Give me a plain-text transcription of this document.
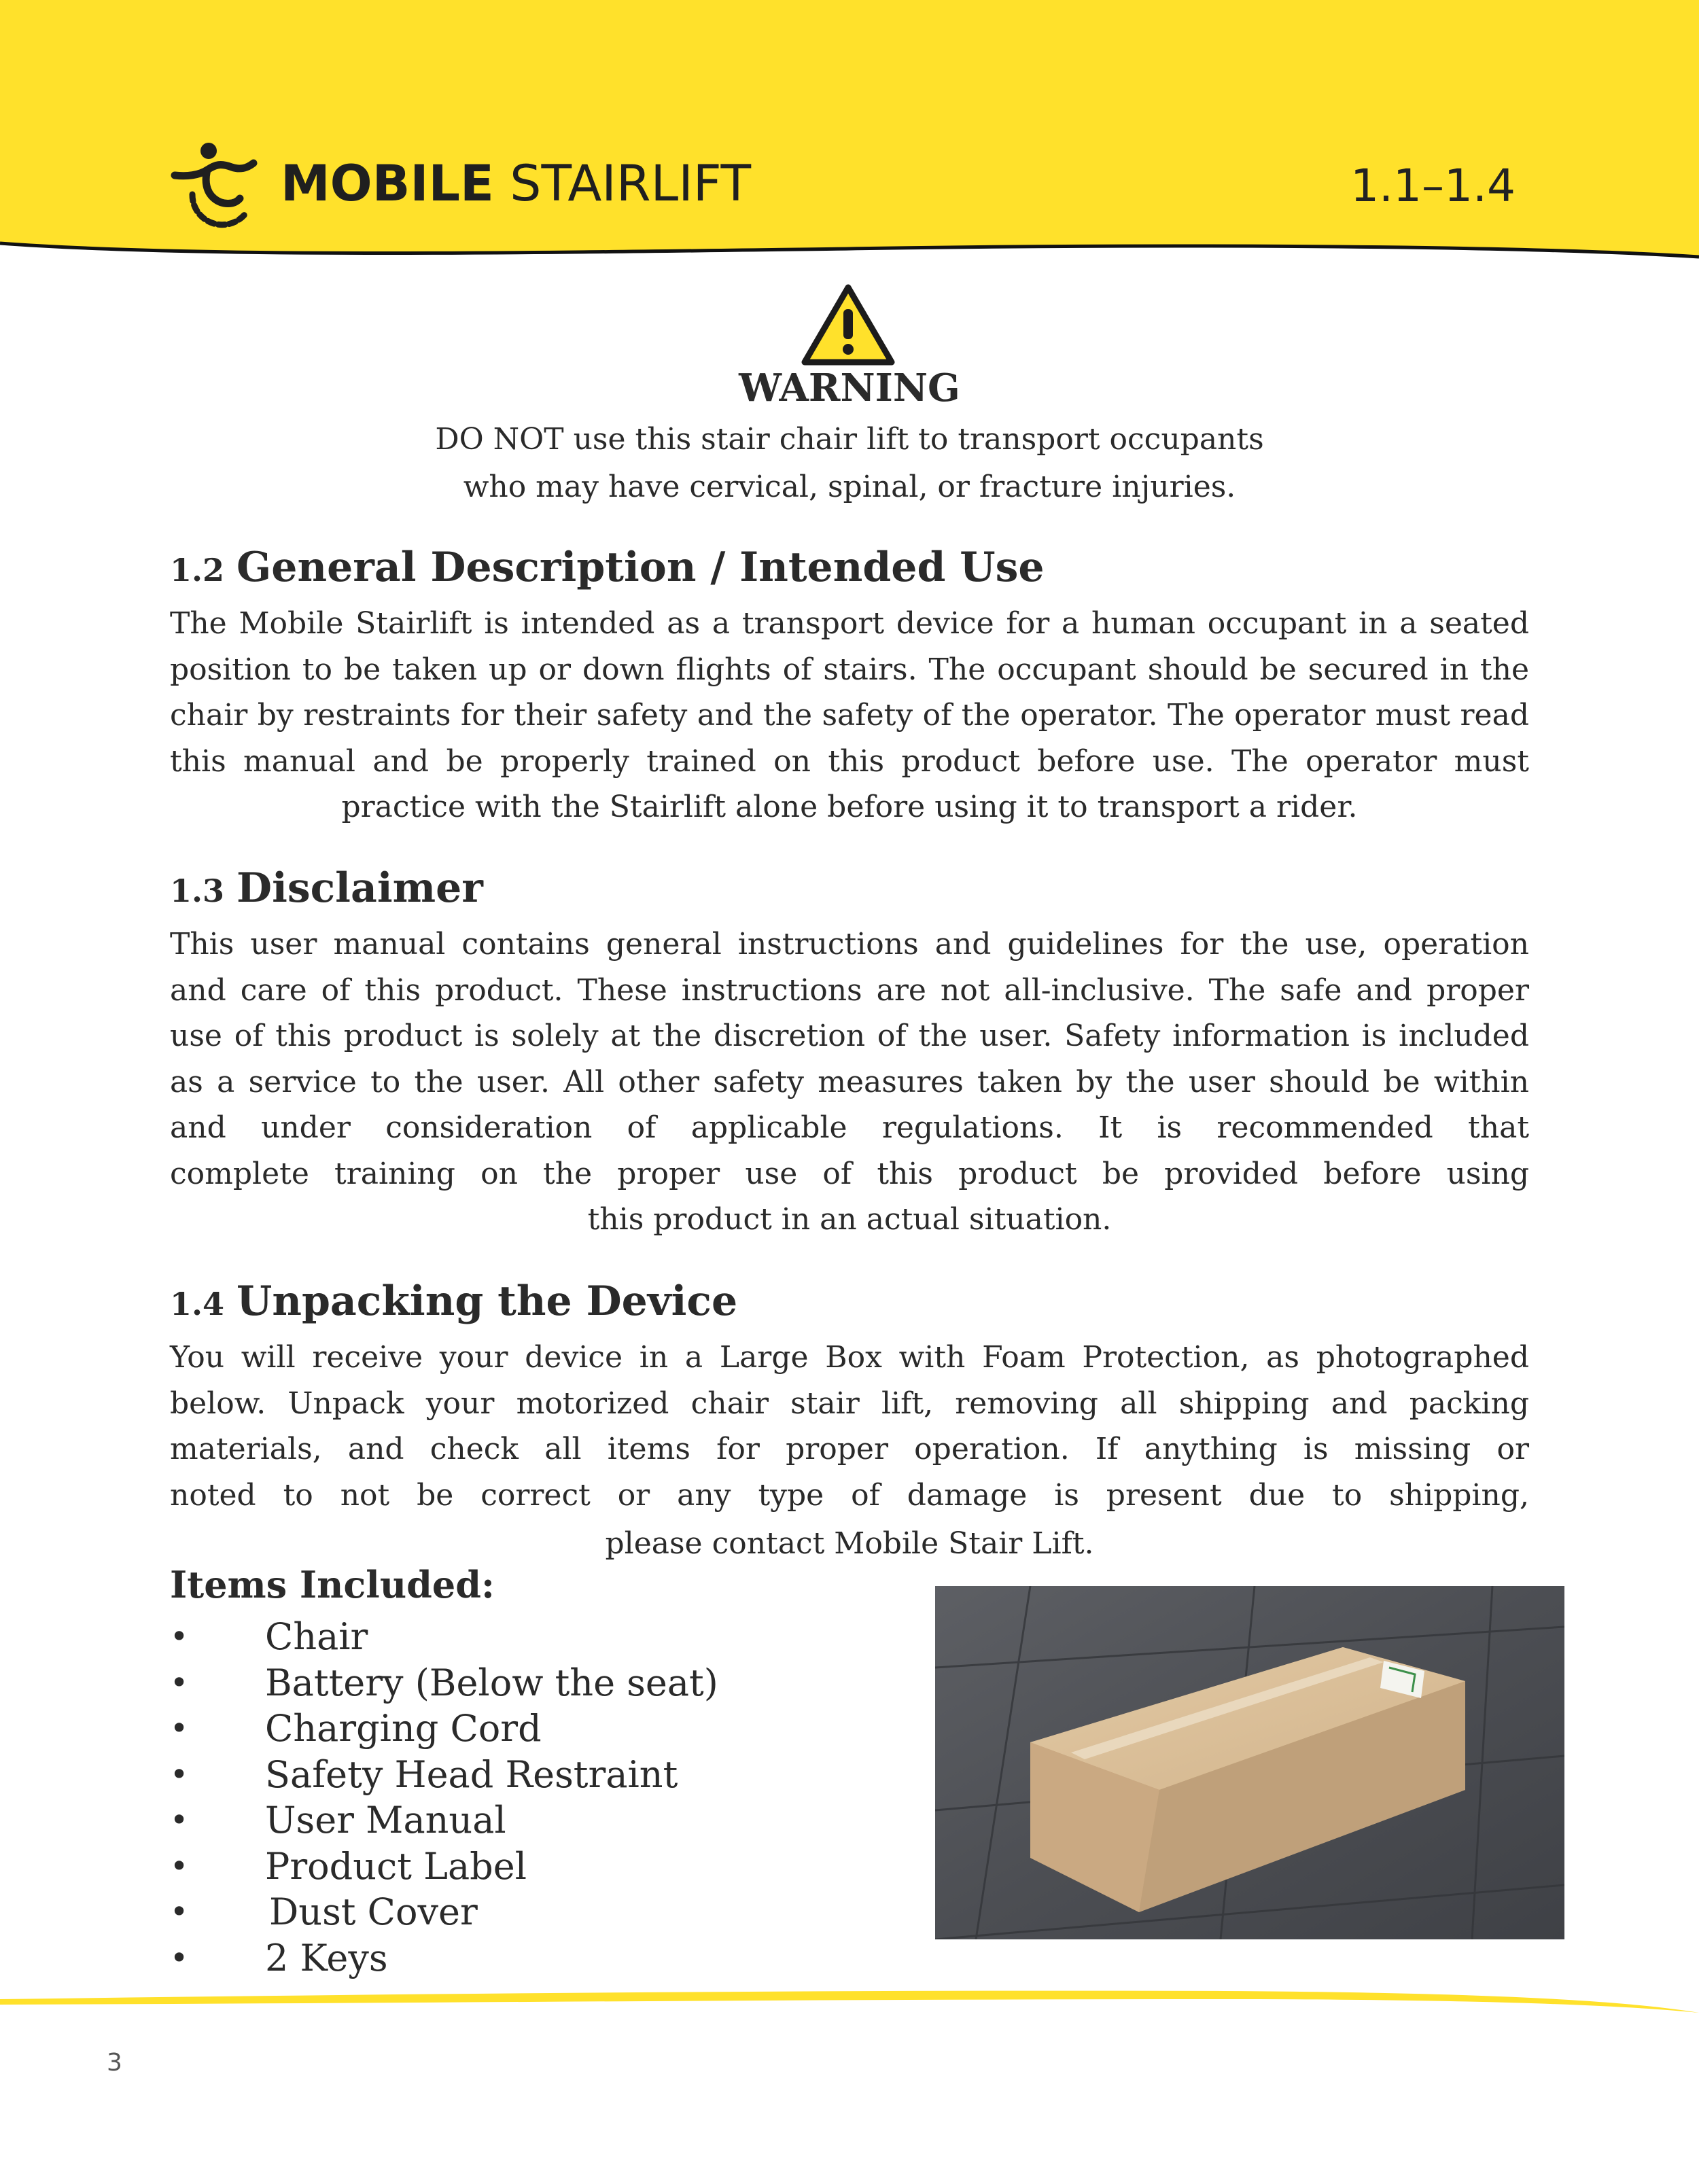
MOBILE STAIRLIFT	1.1–1.4
WARNING
DO NOT use this stair chair lift to transport occupants
who may have cervical, spinal, or fracture injuries.
1.2 General Description / Intended Use
The Mobile Stairlift is intended as a transport device for a human occupant in a seated
position to be taken up or down flights of stairs. The occupant should be secured in the
chair by restraints for their safety and the safety of the operator. The operator must read
this manual and be properly trained on this product before use. The operator must
practice with the Stairlift alone before using it to transport a rider.
1.3 Disclaimer
This user manual contains general instructions and guidelines for the use, operation
and care of this product. These instructions are not all-inclusive. The safe and proper
use of this product is solely at the discretion of the user. Safety information is included
as a service to the user. All other safety measures taken by the user should be within
and under consideration of applicable regulations. It is recommended that
complete training on the proper use of this product be provided before using
this product in an actual situation.
1.4 Unpacking the Device
You will receive your device in a Large Box with Foam Protection, as photographed
below. Unpack your motorized chair stair lift, removing all shipping and packing
materials, and check all items for proper operation. If anything is missing or
noted to not be correct or any type of damage is present due to shipping,
please contact Mobile Stair Lift.
Items Included:
• Chair
• Battery (Below the seat)
• Charging Cord
• Safety Head Restraint
• User Manual
• Product Label
• Dust Cover
• 2 Keys
3
